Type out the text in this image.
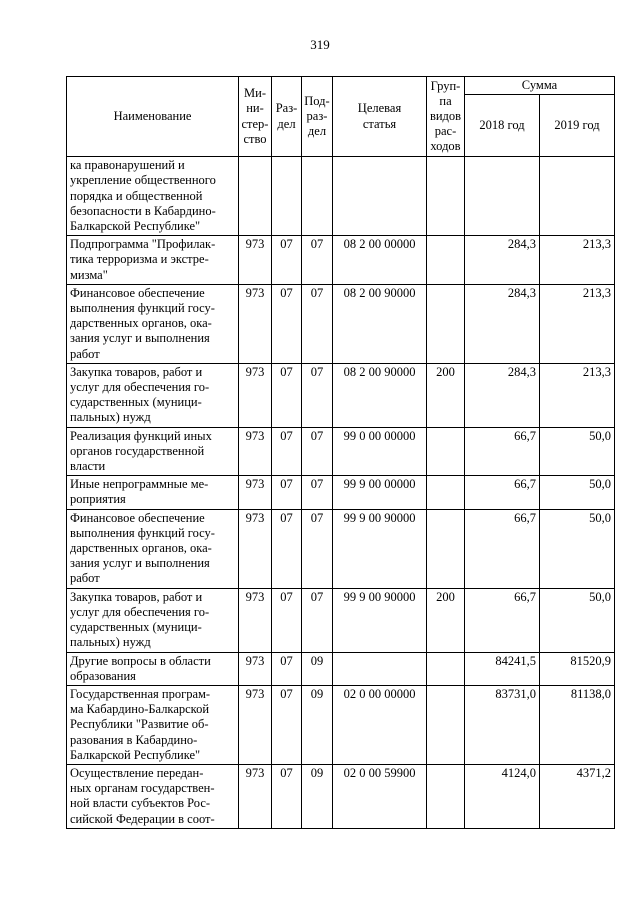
319
Наименование	Ми-
ни-
стер-
ство	Раз-
дел	Под-
раз-
дел	Целевая
статья	Груп-
па
видов
рас-
ходов	Сумма	
						2018 год	2019 год

ка правонарушений и
укрепление общественного
порядка и общественной
безопасности в Кабардино-
Балкарской Республике"							

Подпрограмма "Профилак-
тика терроризма и экстре-
мизма"	973	07	07	08 2 00 00000		284,3	213,3

Финансовое обеспечение
выполнения функций госу-
дарственных органов, ока-
зания услуг и выполнения
работ	973	07	07	08 2 00 90000		284,3	213,3

Закупка товаров, работ и
услуг для обеспечения го-
сударственных (муници-
пальных) нужд	973	07	07	08 2 00 90000	200	284,3	213,3

Реализация функций иных
органов государственной
власти	973	07	07	99 0 00 00000		66,7	50,0

Иные непрограммные ме-
роприятия	973	07	07	99 9 00 00000		66,7	50,0

Финансовое обеспечение
выполнения функций госу-
дарственных органов, ока-
зания услуг и выполнения
работ	973	07	07	99 9 00 90000		66,7	50,0

Закупка товаров, работ и
услуг для обеспечения го-
сударственных (муници-
пальных) нужд	973	07	07	99 9 00 90000	200	66,7	50,0

Другие вопросы в области
образования	973	07	09			84241,5	81520,9

Государственная програм-
ма Кабардино-Балкарской
Республики "Развитие об-
разования в Кабардино-
Балкарской Республике"	973	07	09	02 0 00 00000		83731,0	81138,0

Осуществление передан-
ных органам государствен-
ной власти субъектов Рос-
сийской Федерации в соот-	973	07	09	02 0 00 59900		4124,0	4371,2
